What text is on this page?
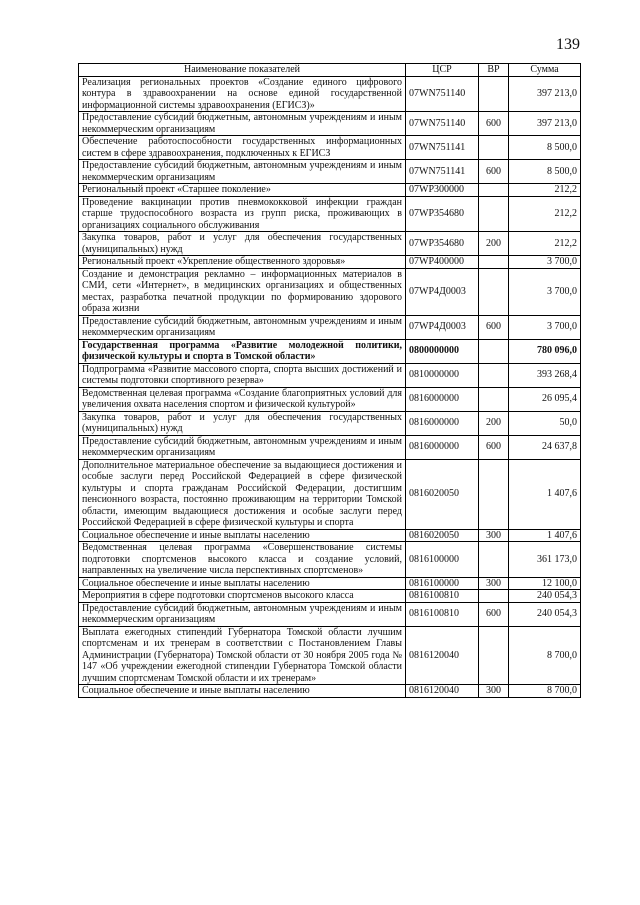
139
Наименование показателей	ЦСР	ВР	Сумма
Реализация региональных проектов «Создание единого цифрового контура в здравоохранении на основе единой государственной информационной системы здравоохранения (ЕГИСЗ)»	07WN751140		397 213,0
Предоставление субсидий бюджетным, автономным учреждениям и иным некоммерческим организациям	07WN751140	600	397 213,0
Обеспечение работоспособности государственных информационных систем в сфере здравоохранения, подключенных к ЕГИСЗ	07WN751141		8 500,0
Предоставление субсидий бюджетным, автономным учреждениям и иным некоммерческим организациям	07WN751141	600	8 500,0
Региональный проект «Старшее поколение»	07WP300000		212,2
Проведение вакцинации против пневмококковой инфекции граждан старше трудоспособного возраста из групп риска, проживающих в организациях социального обслуживания	07WP354680		212,2
Закупка товаров, работ и услуг для обеспечения государственных (муниципальных) нужд	07WP354680	200	212,2
Региональный проект «Укрепление общественного здоровья»	07WP400000		3 700,0
Создание и демонстрация рекламно – информационных материалов в СМИ, сети «Интернет», в медицинских организациях и общественных местах, разработка печатной продукции по формированию здорового образа жизни	07WP4Д0003		3 700,0
Предоставление субсидий бюджетным, автономным учреждениям и иным некоммерческим организациям	07WP4Д0003	600	3 700,0
Государственная программа «Развитие молодежной политики, физической культуры и спорта в Томской области»	0800000000		780 096,0
Подпрограмма «Развитие массового спорта, спорта высших достижений и системы подготовки спортивного резерва»	0810000000		393 268,4
Ведомственная целевая программа «Создание благоприятных условий для увеличения охвата населения спортом и физической культурой»	0816000000		26 095,4
Закупка товаров, работ и услуг для обеспечения государственных (муниципальных) нужд	0816000000	200	50,0
Предоставление субсидий бюджетным, автономным учреждениям и иным некоммерческим организациям	0816000000	600	24 637,8
Дополнительное материальное обеспечение за выдающиеся достижения и особые заслуги перед Российской Федерацией в сфере физической культуры и спорта гражданам Российской Федерации, достигшим пенсионного возраста, постоянно проживающим на территории Томской области, имеющим выдающиеся достижения и особые заслуги перед Российской Федерацией в сфере физической культуры и спорта	0816020050		1 407,6
Социальное обеспечение и иные выплаты населению	0816020050	300	1 407,6
Ведомственная целевая программа «Совершенствование системы подготовки спортсменов высокого класса и создание условий, направленных на увеличение числа перспективных спортсменов»	0816100000		361 173,0
Социальное обеспечение и иные выплаты населению	0816100000	300	12 100,0
Мероприятия в сфере подготовки спортсменов высокого класса	0816100810		240 054,3
Предоставление субсидий бюджетным, автономным учреждениям и иным некоммерческим организациям	0816100810	600	240 054,3
Выплата ежегодных стипендий Губернатора Томской области лучшим спортсменам и их тренерам в соответствии с Постановлением Главы Администрации (Губернатора) Томской области от 30 ноября 2005 года № 147 «Об учреждении ежегодной стипендии Губернатора Томской области лучшим спортсменам Томской области и их тренерам»	0816120040		8 700,0
Социальное обеспечение и иные выплаты населению	0816120040	300	8 700,0
